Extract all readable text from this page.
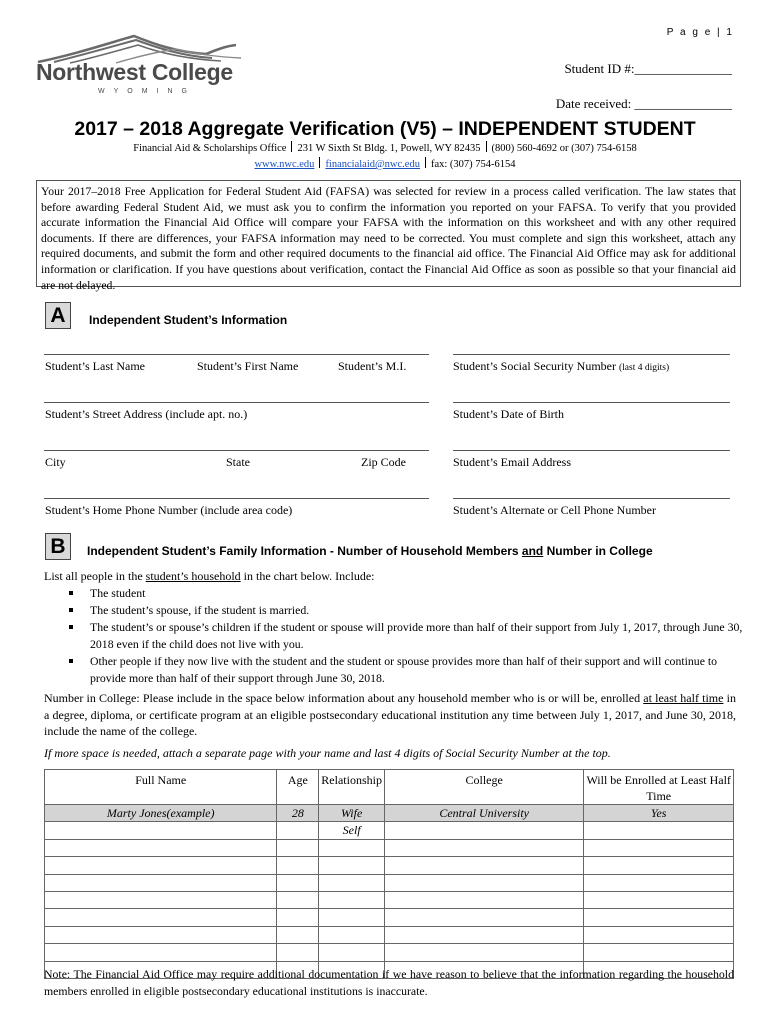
P a g e | 1
Northwest College
WYOMING
Student ID #:_______________
Date received: _______________
2017 – 2018 Aggregate Verification (V5) – INDEPENDENT STUDENT
Financial Aid & Scholarships Office 231 W Sixth St Bldg. 1, Powell, WY 82435 (800) 560-4692 or (307) 754-6158
www.nwc.edu financialaid@nwc.edu fax: (307) 754-6154
Your 2017–2018 Free Application for Federal Student Aid (FAFSA) was selected for review in a process called verification. The law states that before awarding Federal Student Aid, we must ask you to confirm the information you reported on your FAFSA. To verify that you provided accurate information the Financial Aid Office will compare your FAFSA with the information on this worksheet and with any other required documents. If there are differences, your FAFSA information may need to be corrected. You must complete and sign this worksheet, attach any required documents, and submit the form and other required documents to the financial aid office. The Financial Aid Office may ask for additional information or clarification. If you have questions about verification, contact the Financial Aid Office as soon as possible so that your financial aid are not delayed.
A	Independent Student’s Information
Student’s Last Name	Student’s First Name	Student’s M.I.	Student’s Social Security Number (last 4 digits)
Student’s Street Address (include apt. no.)	Student’s Date of Birth
City	State	Zip Code	Student’s Email Address
Student’s Home Phone Number (include area code)	Student’s Alternate or Cell Phone Number
B	Independent Student’s Family Information - Number of Household Members and Number in College
List all people in the student’s household in the chart below. Include:
The student
The student’s spouse, if the student is married.
The student’s or spouse’s children if the student or spouse will provide more than half of their support from July 1, 2017, through June 30, 2018 even if the child does not live with you.
Other people if they now live with the student and the student or spouse provides more than half of their support and will continue to provide more than half of their support through June 30, 2018.
Number in College: Please include in the space below information about any household member who is or will be, enrolled at least half time in a degree, diploma, or certificate program at an eligible postsecondary educational institution any time between July 1, 2017, and June 30, 2018, include the name of the college.
If more space is needed, attach a separate page with your name and last 4 digits of Social Security Number at the top.
Full Name	Age	Relationship	College	Will be Enrolled at Least Half Time
Marty Jones(example)	28	Wife	Central University	Yes
		Self		

Note: The Financial Aid Office may require additional documentation if we have reason to believe that the information regarding the household members enrolled in eligible postsecondary educational institutions is inaccurate.
